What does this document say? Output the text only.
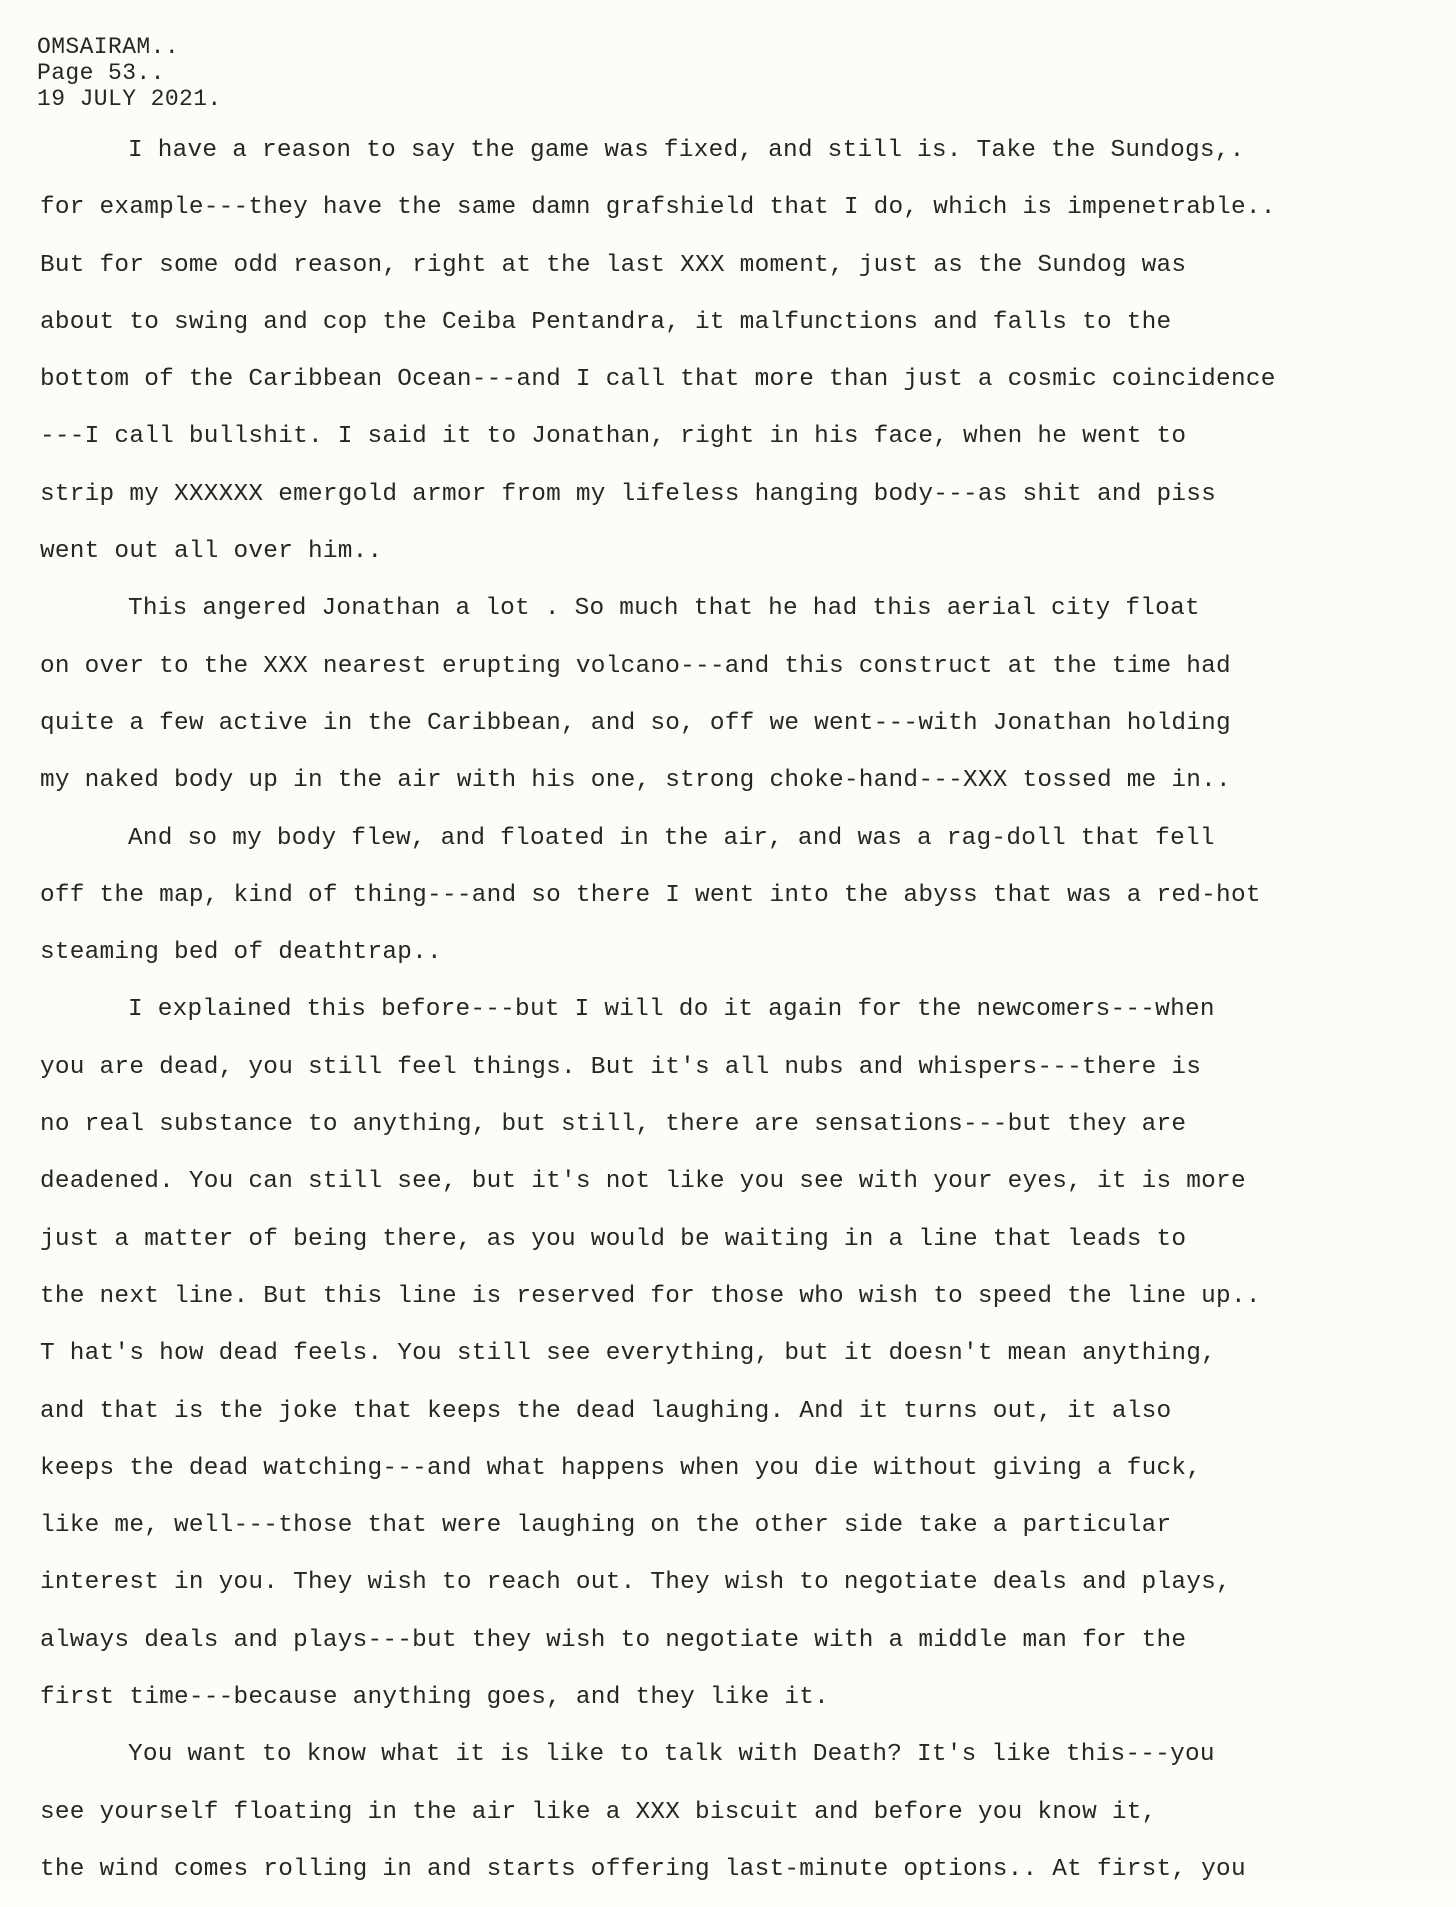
OMSAIRAM..
Page 53..
19 JULY 2021.
I have a reason to say the game was fixed, and still is. Take the Sundogs,.
for example---they have the same damn grafshield that I do, which is impenetrable..
But for some odd reason, right at the last XXX moment, just as the Sundog was
about to swing and cop the Ceiba Pentandra, it malfunctions and falls to the
bottom of the Caribbean Ocean---and I call that more than just a cosmic coincidence
---I call bullshit. I said it to Jonathan, right in his face, when he went to
strip my XXXXXX emergold armor from my lifeless hanging body---as shit and piss
went out all over him..
This angered Jonathan a lot . So much that he had this aerial city float
on over to the XXX nearest erupting volcano---and this construct at the time had
quite a few active in the Caribbean, and so, off we went---with Jonathan holding
my naked body up in the air with his one, strong choke-hand---XXX tossed me in..
And so my body flew, and floated in the air, and was a rag-doll that fell
off the map, kind of thing---and so there I went into the abyss that was a red-hot
steaming bed of deathtrap..
I explained this before---but I will do it again for the newcomers---when
you are dead, you still feel things. But it's all nubs and whispers---there is
no real substance to anything, but still, there are sensations---but they are
deadened. You can still see, but it's not like you see with your eyes, it is more
just a matter of being there, as you would be waiting in a line that leads to
the next line. But this line is reserved for those who wish to speed the line up..
T hat's how dead feels. You still see everything, but it doesn't mean anything,
and that is the joke that keeps the dead laughing. And it turns out, it also
keeps the dead watching---and what happens when you die without giving a fuck,
like me, well---those that were laughing on the other side take a particular
interest in you. They wish to reach out. They wish to negotiate deals and plays,
always deals and plays---but they wish to negotiate with a middle man for the
first time---because anything goes, and they like it.
You want to know what it is like to talk with Death? It's like this---you
see yourself floating in the air like a XXX biscuit and before you know it,
the wind comes rolling in and starts offering last-minute options.. At first, you
